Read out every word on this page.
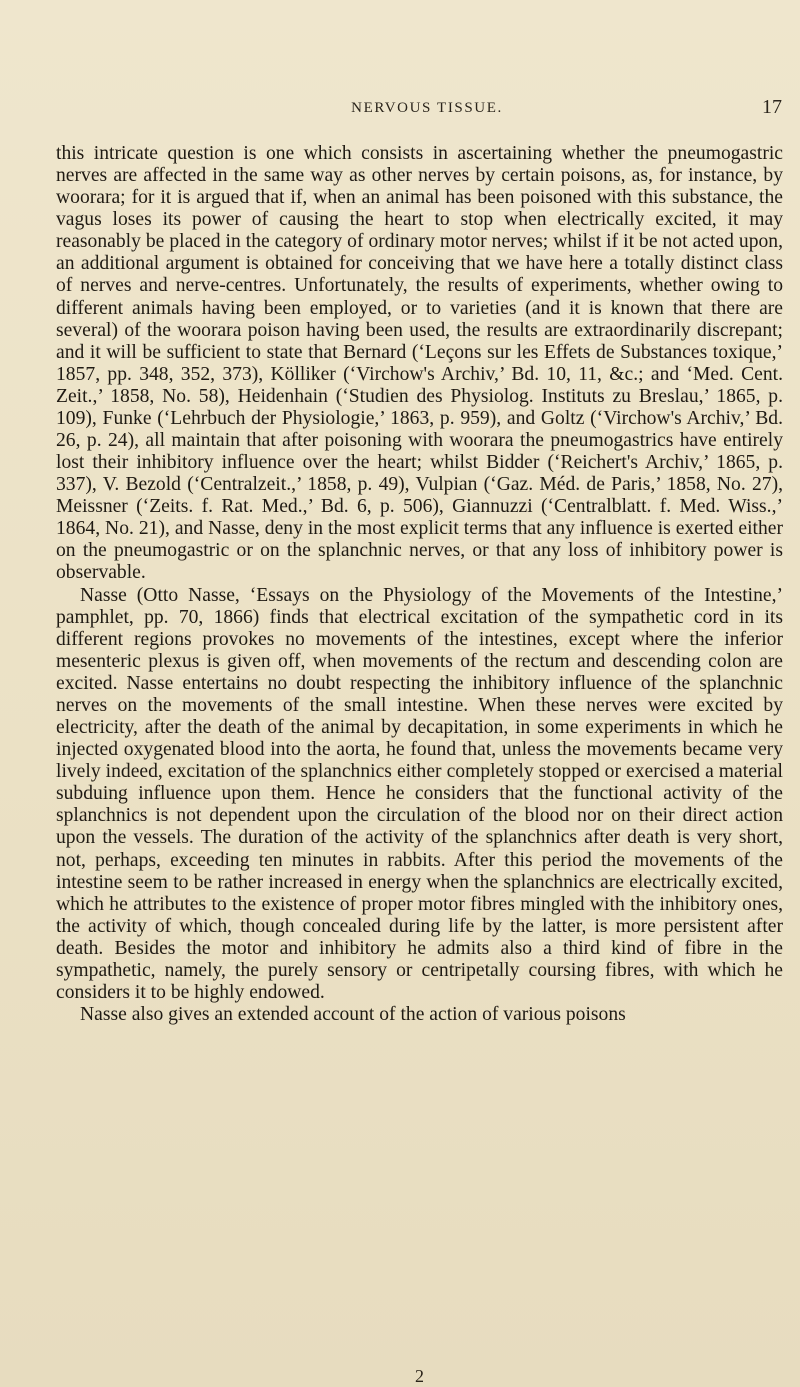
NERVOUS TISSUE.	17

this intricate question is one which consists in ascertaining whether the pneumogastric nerves are affected in the same way as other nerves by certain poisons, as, for instance, by woorara; for it is argued that if, when an animal has been poisoned with this substance, the vagus loses its power of causing the heart to stop when electrically excited, it may reasonably be placed in the category of ordinary motor nerves; whilst if it be not acted upon, an additional argument is obtained for conceiving that we have here a totally distinct class of nerves and nerve-centres. Unfortunately, the results of experiments, whether owing to different animals having been employed, or to varieties (and it is known that there are several) of the woorara poison having been used, the results are extraordinarily discrepant; and it will be sufficient to state that Bernard (‘Leçons sur les Effets de Substances toxique,’ 1857, pp. 348, 352, 373), Kölliker (‘Virchow's Archiv,’ Bd. 10, 11, &c.; and ‘Med. Cent. Zeit.,’ 1858, No. 58), Heidenhain (‘Studien des Physiolog. Instituts zu Breslau,’ 1865, p. 109), Funke (‘Lehrbuch der Physiologie,’ 1863, p. 959), and Goltz (‘Virchow's Archiv,’ Bd. 26, p. 24), all maintain that after poisoning with woorara the pneumogastrics have entirely lost their inhibitory influence over the heart; whilst Bidder (‘Reichert's Archiv,’ 1865, p. 337), V. Bezold (‘Centralzeit.,’ 1858, p. 49), Vulpian (‘Gaz. Méd. de Paris,’ 1858, No. 27), Meissner (‘Zeits. f. Rat. Med.,’ Bd. 6, p. 506), Giannuzzi (‘Centralblatt. f. Med. Wiss.,’ 1864, No. 21), and Nasse, deny in the most explicit terms that any influence is exerted either on the pneumogastric or on the splanchnic nerves, or that any loss of inhibitory power is observable.

Nasse (Otto Nasse, ‘Essays on the Physiology of the Movements of the Intestine,’ pamphlet, pp. 70, 1866) finds that electrical excitation of the sympathetic cord in its different regions provokes no movements of the intestines, except where the inferior mesenteric plexus is given off, when movements of the rectum and descending colon are excited. Nasse entertains no doubt respecting the inhibitory influence of the splanchnic nerves on the movements of the small intestine. When these nerves were excited by electricity, after the death of the animal by decapitation, in some experiments in which he injected oxygenated blood into the aorta, he found that, unless the movements became very lively indeed, excitation of the splanchnics either completely stopped or exercised a material subduing influence upon them. Hence he considers that the functional activity of the splanchnics is not dependent upon the circulation of the blood nor on their direct action upon the vessels. The duration of the activity of the splanchnics after death is very short, not, perhaps, exceeding ten minutes in rabbits. After this period the movements of the intestine seem to be rather increased in energy when the splanchnics are electrically excited, which he attributes to the existence of proper motor fibres mingled with the inhibitory ones, the activity of which, though concealed during life by the latter, is more persistent after death. Besides the motor and inhibitory he admits also a third kind of fibre in the sympathetic, namely, the purely sensory or centripetally coursing fibres, with which he considers it to be highly endowed.

Nasse also gives an extended account of the action of various poisons

2
